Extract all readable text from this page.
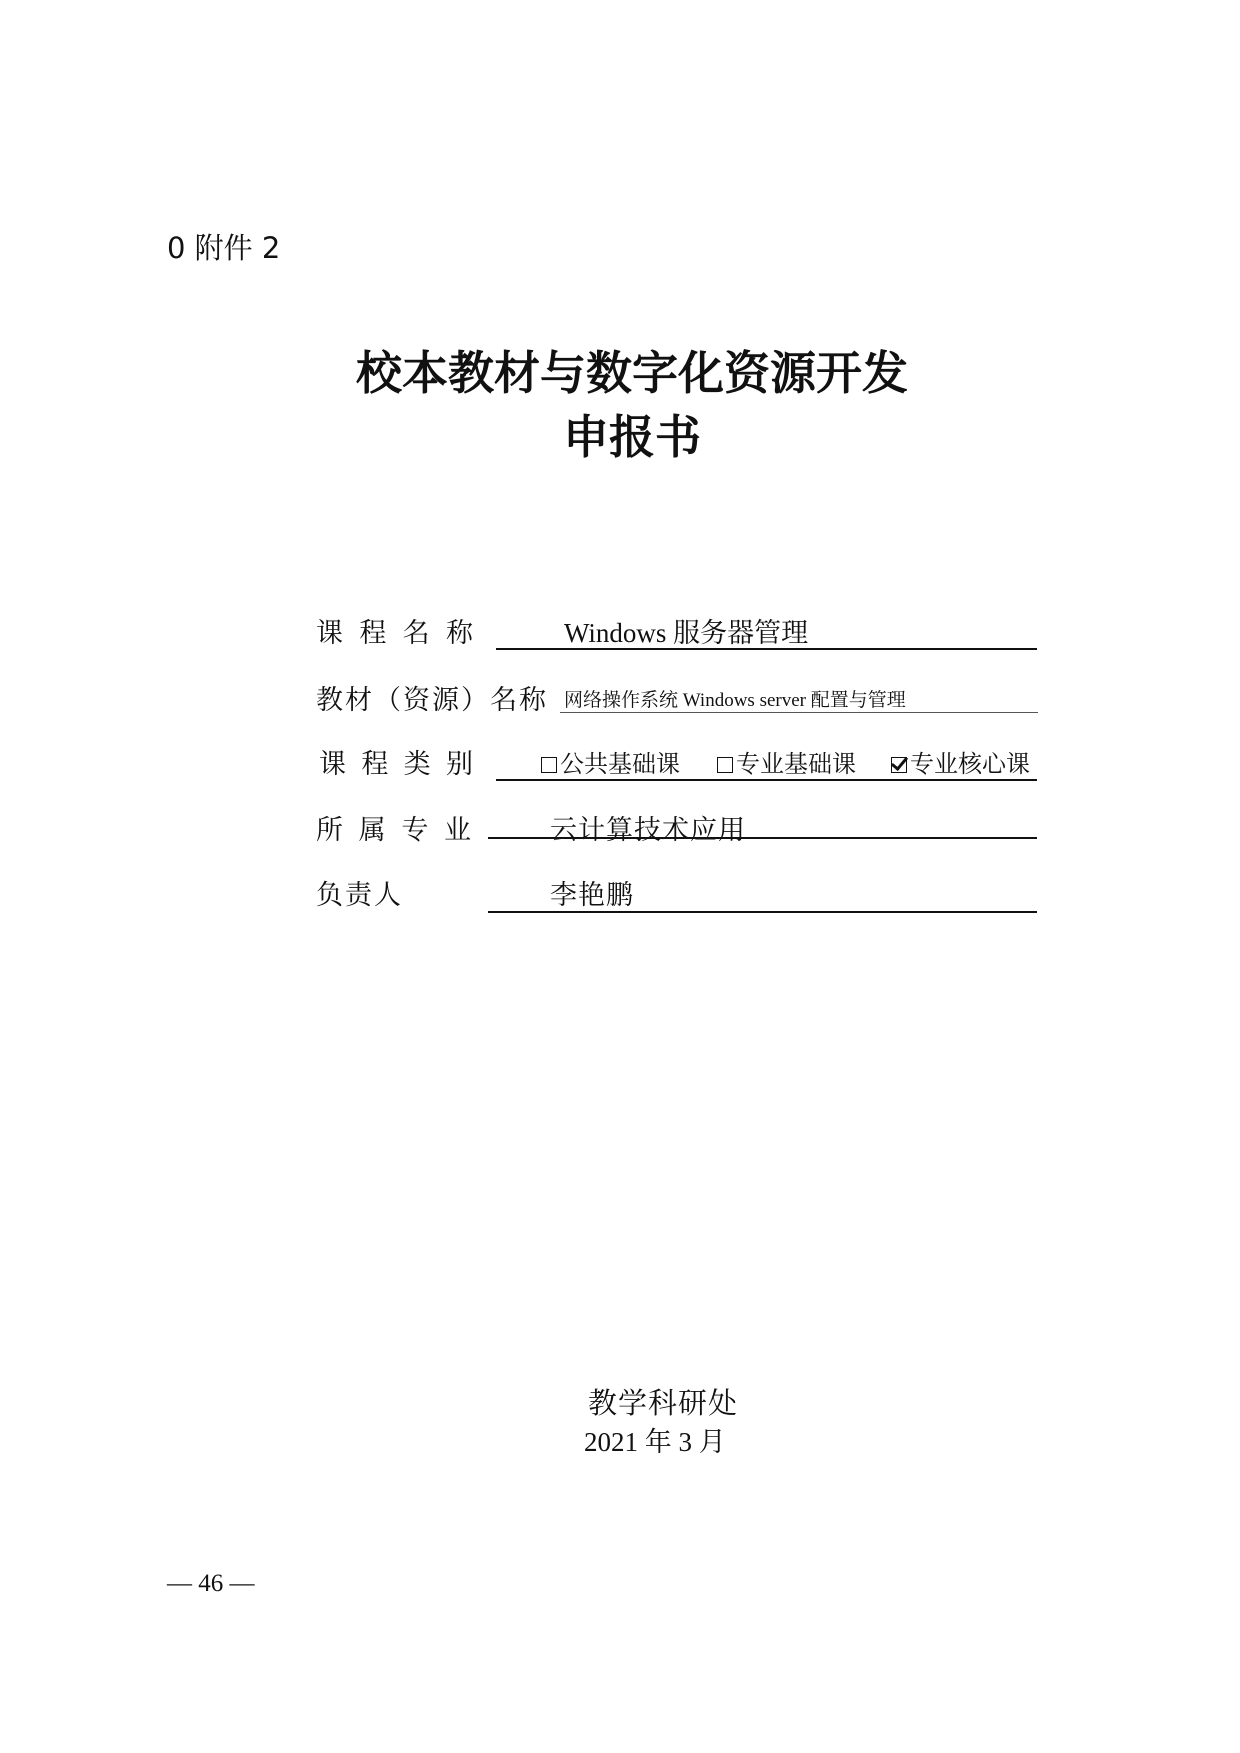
0 附件 2
校本教材与数字化资源开发
申报书
课 程 名 称	Windows 服务器管理
教材（资源）名称 网络操作系统 Windows server 配置与管理
课 程 类 别	公共基础课 专业基础课 专业核心课
所 属 专 业	云计算技术应用
负责人	李艳鹏
教学科研处
2021 年 3 月
— 46 —
